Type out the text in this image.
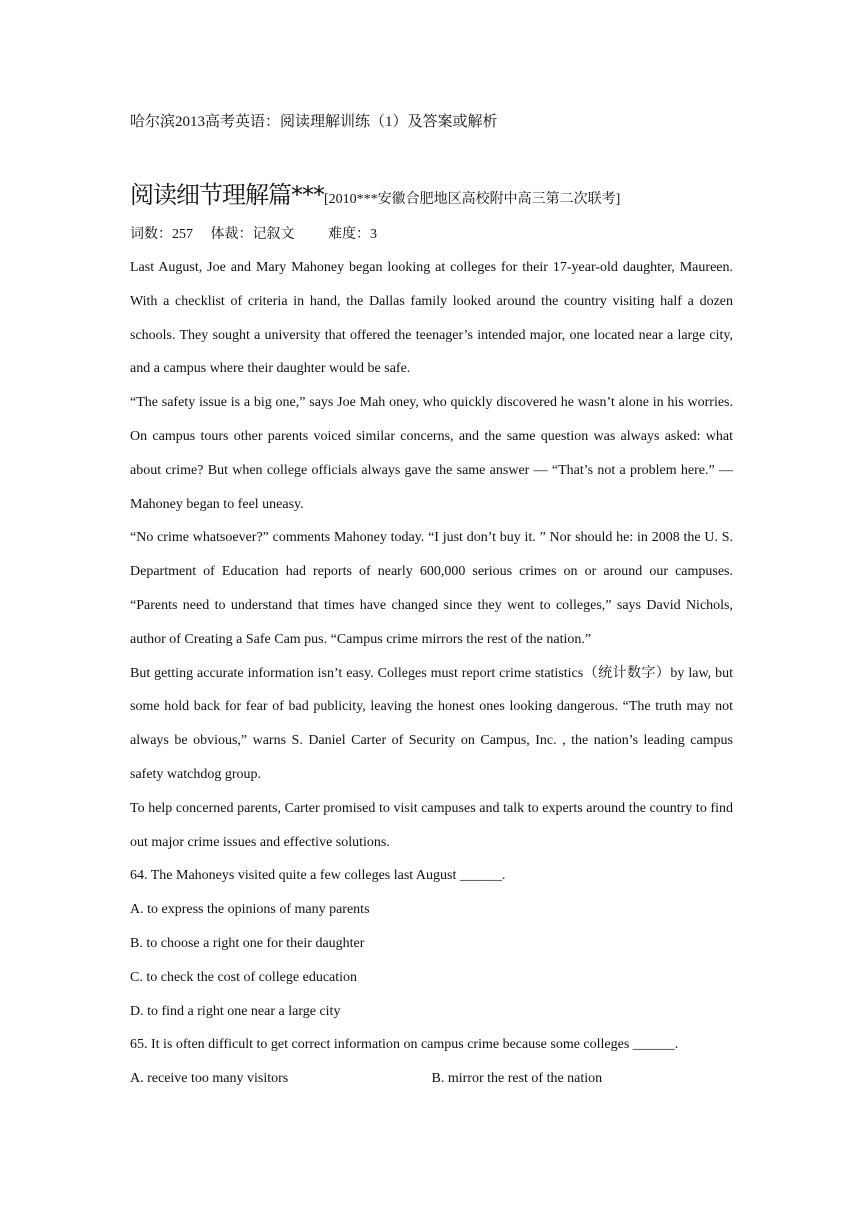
哈尔滨2013高考英语：阅读理解训练（1）及答案或解析
阅读细节理解篇***[2010***安徽合肥地区高校附中高三第二次联考]
词数：257 体裁：记叙文 难度：3

Last August, Joe and Mary Mahoney began looking at colleges for their 17-year-old daughter, Maureen. With a checklist of criteria in hand, the Dallas family looked around the country visiting half a dozen schools. They sought a university that offered the teenager’s intended major, one located near a large city, and a campus where their daughter would be safe.

“The safety issue is a big one,” says Joe Mah oney, who quickly discovered he wasn’t alone in his worries. On campus tours other parents voiced similar concerns, and the same question was always asked: what about crime? But when college officials always gave the same answer — “That’s not a problem here.” — Mahoney began to feel uneasy.

“No crime whatsoever?” comments Mahoney today. “I just don’t buy it. ” Nor should he: in 2008 the U. S. Department of Education had reports of nearly 600,000 serious crimes on or around our campuses. “Parents need to understand that times have changed since they went to colleges,” says David Nichols, author of Creating a Safe Cam pus. “Campus crime mirrors the rest of the nation.”

But getting accurate information isn’t easy. Colleges must report crime statistics（统计数字）by law, but some hold back for fear of bad publicity, leaving the honest ones looking dangerous. “The truth may not always be obvious,” warns S. Daniel Carter of Security on Campus, Inc. , the nation’s leading campus safety watchdog group.

To help concerned parents, Carter promised to visit campuses and talk to experts around the country to find out major crime issues and effective solutions.

64. The Mahoneys visited quite a few colleges last August ______.

A. to express the opinions of many parents

B. to choose a right one for their daughter

C. to check the cost of college education

D. to find a right one near a large city

65. It is often difficult to get correct information on campus crime because some colleges ______.

A. receive too many visitors	B. mirror the rest of the nation
